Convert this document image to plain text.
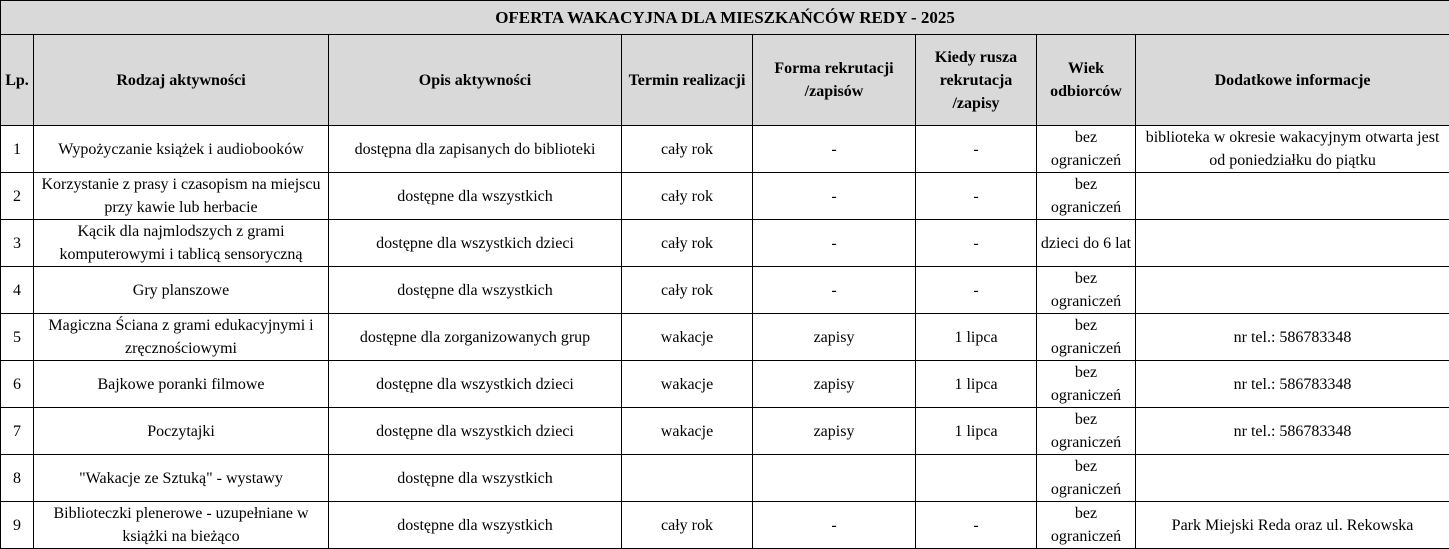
OFERTA WAKACYJNA DLA MIESZKAŃCÓW REDY - 2025							
Lp.	Rodzaj aktywności	Opis aktywności	Termin realizacji	Forma rekrutacji /zapisów	Kiedy rusza rekrutacja /zapisy	Wiek odbiorców	Dodatkowe informacje
1	Wypożyczanie książek i audiobooków	dostępna dla zapisanych do biblioteki	cały rok	-	-	bez ograniczeń	biblioteka w okresie wakacyjnym otwarta jest od poniedziałku do piątku
2	Korzystanie z prasy i czasopism na miejscu przy kawie lub herbacie	dostępne dla wszystkich	cały rok	-	-	bez ograniczeń	
3	Kącik dla najmlodszych z grami komputerowymi i tablicą sensoryczną	dostępne dla wszystkich dzieci	cały rok	-	-	dzieci do 6 lat	
4	Gry planszowe	dostępne dla wszystkich	cały rok	-	-	bez ograniczeń	
5	Magiczna Ściana z grami edukacyjnymi i zręcznościowymi	dostępne dla zorganizowanych grup	wakacje	zapisy	1 lipca	bez ograniczeń	nr tel.: 586783348
6	Bajkowe poranki filmowe	dostępne dla wszystkich dzieci	wakacje	zapisy	1 lipca	bez ograniczeń	nr tel.: 586783348
7	Poczytajki	dostępne dla wszystkich dzieci	wakacje	zapisy	1 lipca	bez ograniczeń	nr tel.: 586783348
8	"Wakacje ze Sztuką" - wystawy	dostępne dla wszystkich				bez ograniczeń	
9	Biblioteczki plenerowe - uzupełniane w książki na bieżąco	dostępne dla wszystkich	cały rok	-	-	bez ograniczeń	Park Miejski Reda oraz ul. Rekowska
